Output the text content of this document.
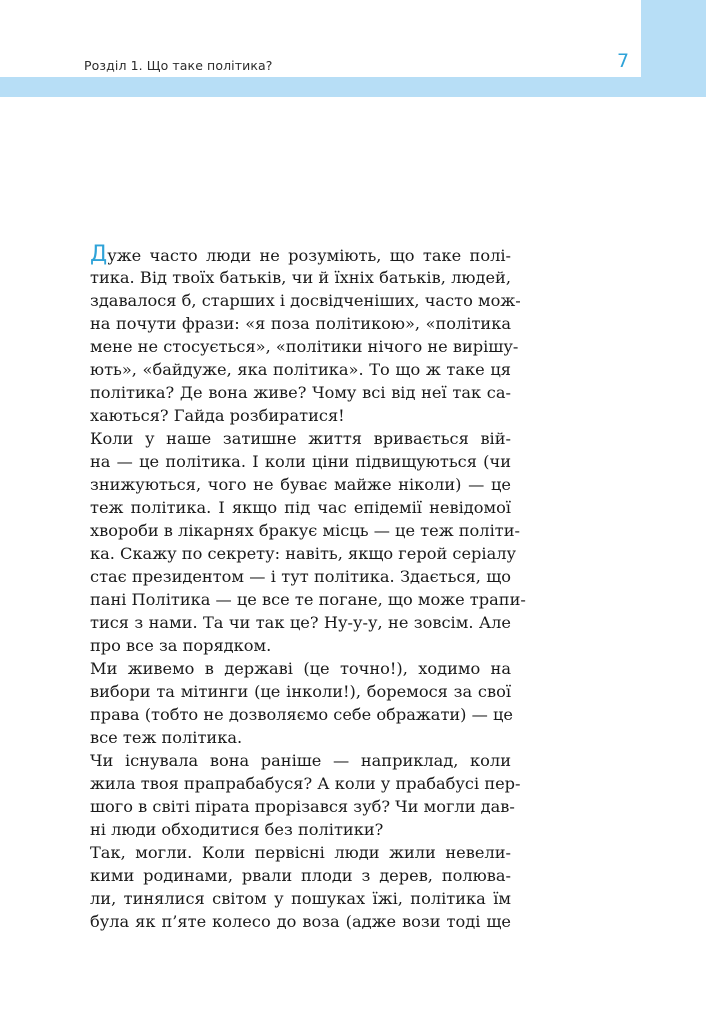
Розділ 1. Що таке політика?	7
Дуже часто люди не розуміють, що таке полі-
тика. Від твоїх батьків, чи й їхніх батьків, людей,
здавалося б, старших і досвідченіших, часто мож-
на почути фрази: «я поза політикою», «політика
мене не стосується», «політики нічого не вирішу-
ють», «байдуже, яка політика». То що ж таке ця
політика? Де вона живе? Чому всі від неї так са-
хаються? Гайда розбиратися!
Коли у наше затишне життя вривається вій-
на — це політика. І коли ціни підвищуються (чи
знижуються, чого не буває майже ніколи) — це
теж політика. І якщо під час епідемії невідомої
хвороби в лікарнях бракує місць — це теж політи-
ка. Скажу по секрету: навіть, якщо герой серіалу
стає президентом — і тут політика. Здається, що
пані Політика — це все те погане, що може трапи-
тися з нами. Та чи так це? Ну-у-у, не зовсім. Але
про все за порядком.
Ми живемо в державі (це точно!), ходимо на
вибори та мітинги (це інколи!), боремося за свої
права (тобто не дозволяємо себе ображати) — це
все теж політика.
Чи існувала вона раніше — наприклад, коли
жила твоя прапрабабуся? А коли у прабабусі пер-
шого в світі пірата прорізався зуб? Чи могли дав-
ні люди обходитися без політики?
Так, могли. Коли первісні люди жили невели-
кими родинами, рвали плоди з дерев, полюва-
ли, тинялися світом у пошуках їжі, політика їм
була як п’яте колесо до воза (адже вози тоді ще
